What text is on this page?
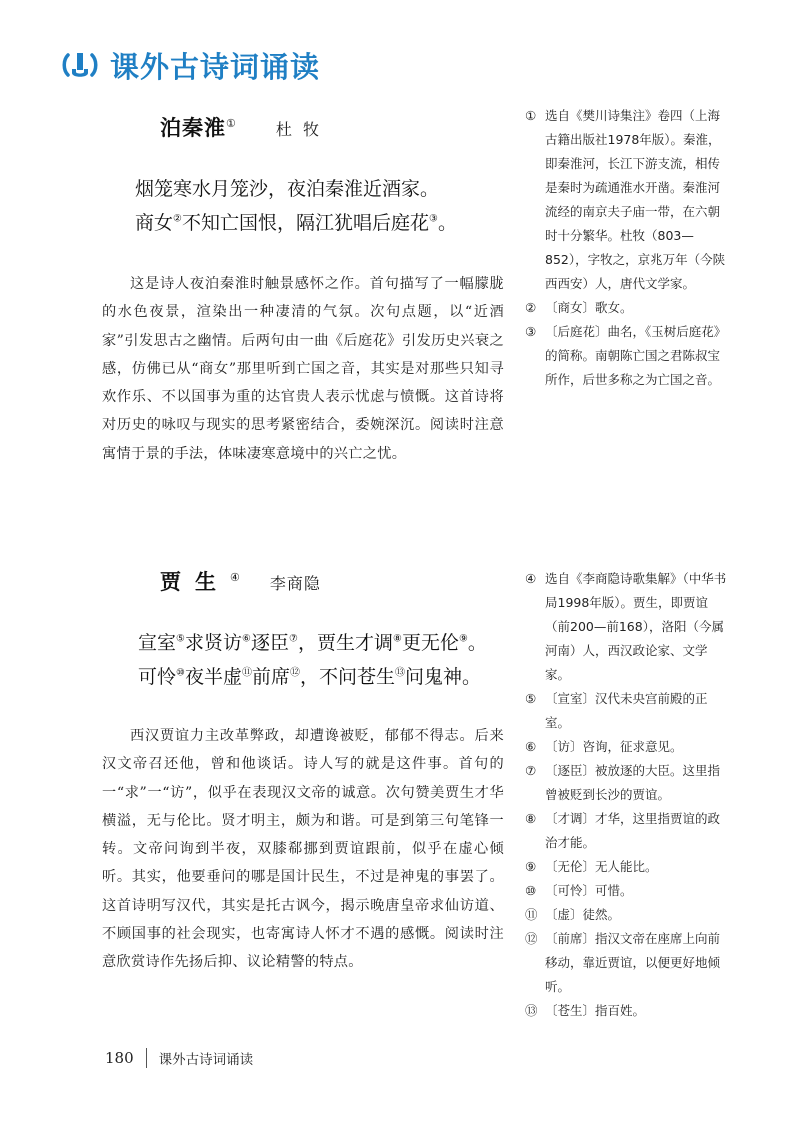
课外古诗词诵读
泊秦淮①	杜 牧
烟笼寒水月笼沙，夜泊秦淮近酒家。
商女②不知亡国恨，隔江犹唱后庭花③。

这是诗人夜泊秦淮时触景感怀之作。首句描写了一幅朦胧的水色夜景，渲染出一种凄清的气氛。次句点题，以“近酒家”引发思古之幽情。后两句由一曲《后庭花》引发历史兴衰之感，仿佛已从“商女”那里听到亡国之音，其实是对那些只知寻欢作乐、不以国事为重的达官贵人表示忧虑与愤慨。这首诗将对历史的咏叹与现实的思考紧密结合，委婉深沉。阅读时注意寓情于景的手法，体味凄寒意境中的兴亡之忧。

① 选自《樊川诗集注》卷四（上海古籍出版社1978年版）。秦淮，即秦淮河，长江下游支流，相传是秦时为疏通淮水开凿。秦淮河流经的南京夫子庙一带，在六朝时十分繁华。杜牧（803—852），字牧之，京兆万年（今陕西西安）人，唐代文学家。
② 〔商女〕歌女。
③ 〔后庭花〕曲名，《玉树后庭花》的简称。南朝陈亡国之君陈叔宝所作，后世多称之为亡国之音。
贾生④ 李商隐
宣室⑤求贤访⑥逐臣⑦，贾生才调⑧更无伦⑨。
可怜⑩夜半虚⑪前席⑫，不问苍生⑬问鬼神。

西汉贾谊力主改革弊政，却遭谗被贬，郁郁不得志。后来汉文帝召还他，曾和他谈话。诗人写的就是这件事。首句的一“求”一“访”，似乎在表现汉文帝的诚意。次句赞美贾生才华横溢，无与伦比。贤才明主，颇为和谐。可是到第三句笔锋一转。文帝问询到半夜，双膝郗挪到贾谊跟前，似乎在虚心倾听。其实，他要垂问的哪是国计民生，不过是神鬼的事罢了。这首诗明写汉代，其实是托古讽今，揭示晚唐皇帝求仙访道、不顾国事的社会现实，也寄寓诗人怀才不遇的感慨。阅读时注意欣赏诗作先扬后抑、议论精警的特点。

④ 选自《李商隐诗歌集解》（中华书局1998年版）。贾生，即贾谊（前200—前168），洛阳（今属河南）人，西汉政论家、文学家。
⑤ 〔宣室〕汉代未央宫前殿的正室。
⑥ 〔访〕咨询，征求意见。
⑦ 〔逐臣〕被放逐的大臣。这里指曾被贬到长沙的贾谊。
⑧ 〔才调〕才华，这里指贾谊的政治才能。
⑨ 〔无伦〕无人能比。
⑩ 〔可怜〕可惜。
⑪ 〔虚〕徒然。
⑫ 〔前席〕指汉文帝在座席上向前移动，靠近贾谊，以便更好地倾听。
⑬ 〔苍生〕指百姓。
180 课外古诗词诵读
